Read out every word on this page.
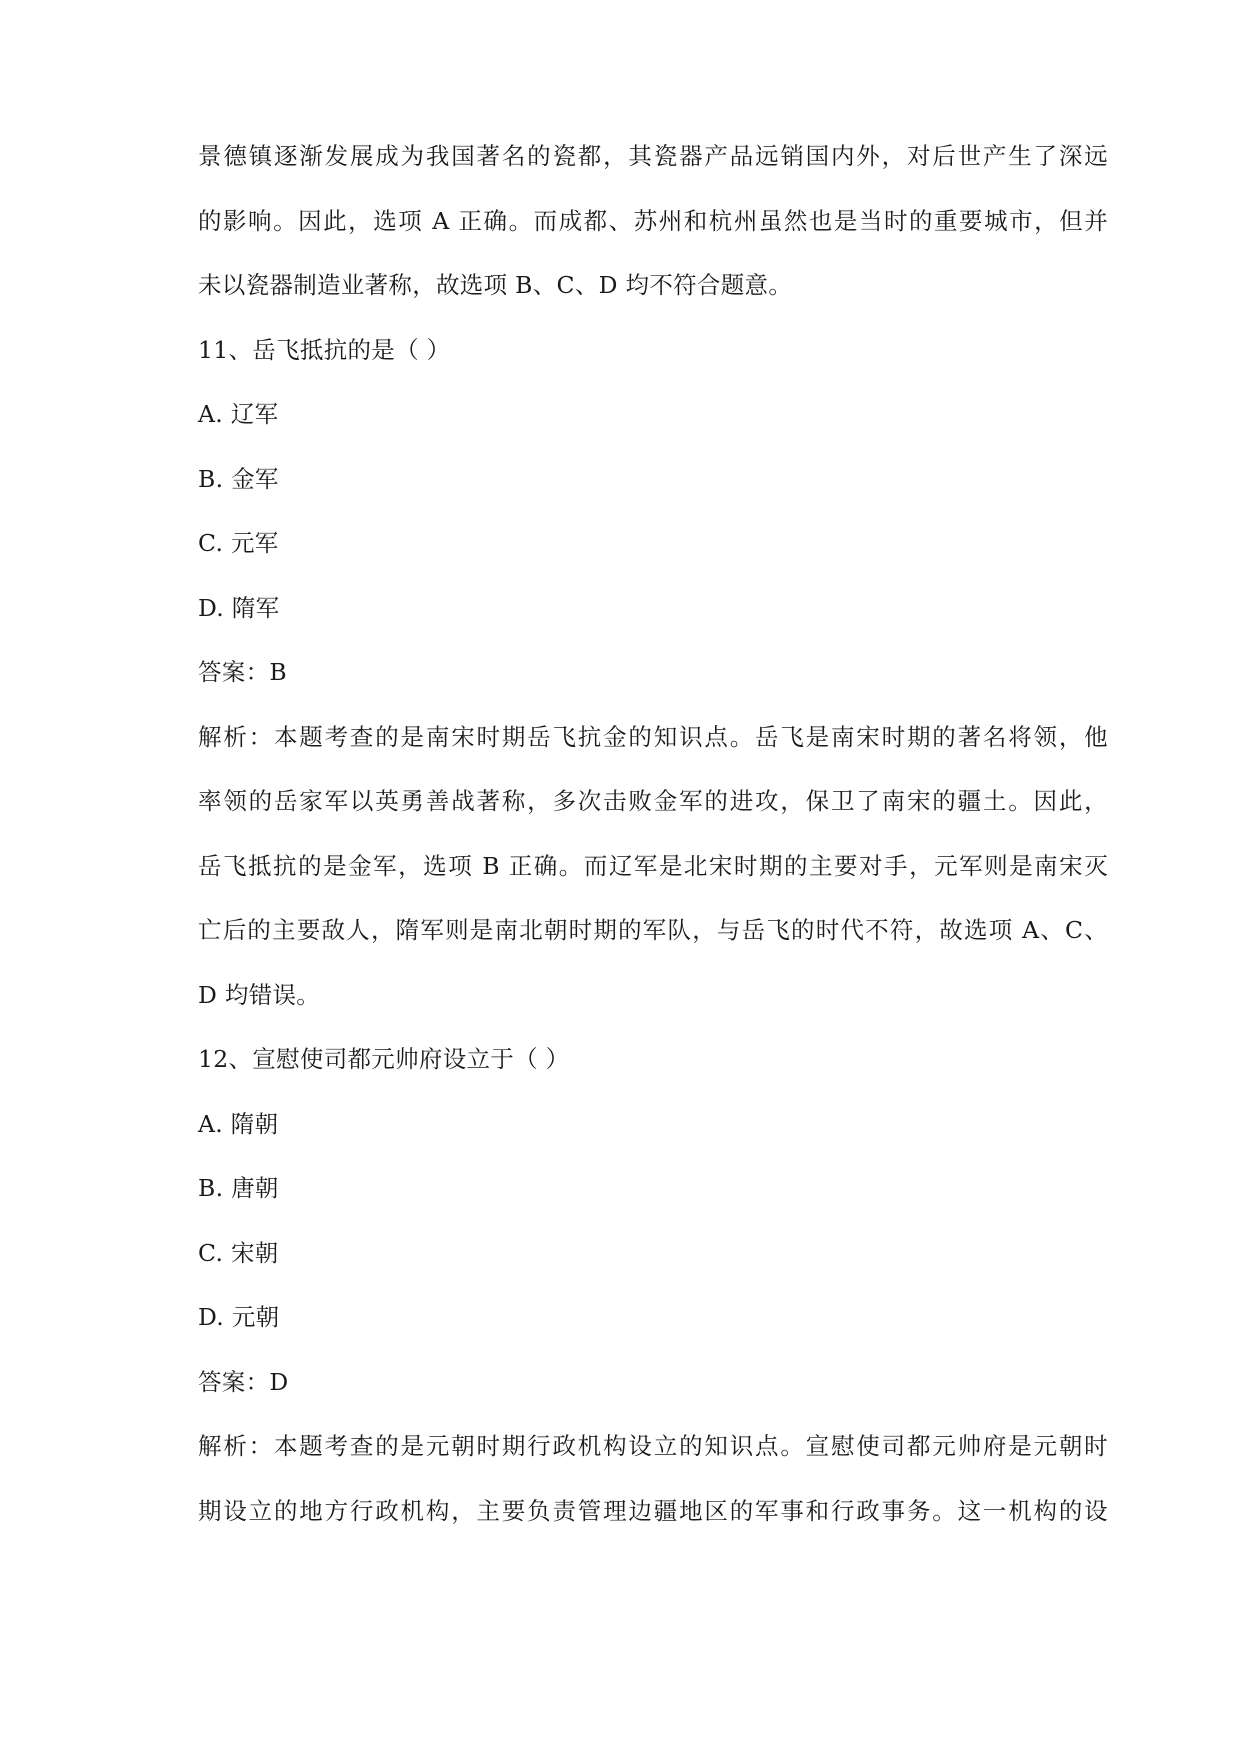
景德镇逐渐发展成为我国著名的瓷都，其瓷器产品远销国内外，对后世产生了深远
的影响。因此，选项 A 正确。而成都、苏州和杭州虽然也是当时的重要城市，但并
未以瓷器制造业著称，故选项 B、C、D 均不符合题意。
11、岳飞抵抗的是（ ）
A. 辽军
B. 金军
C. 元军
D. 隋军
答案：B
解析：本题考查的是南宋时期岳飞抗金的知识点。岳飞是南宋时期的著名将领，他
率领的岳家军以英勇善战著称，多次击败金军的进攻，保卫了南宋的疆土。因此，
岳飞抵抗的是金军，选项 B 正确。而辽军是北宋时期的主要对手，元军则是南宋灭
亡后的主要敌人，隋军则是南北朝时期的军队，与岳飞的时代不符，故选项 A、C、
D 均错误。
12、宣慰使司都元帅府设立于（ ）
A. 隋朝
B. 唐朝
C. 宋朝
D. 元朝
答案：D
解析：本题考查的是元朝时期行政机构设立的知识点。宣慰使司都元帅府是元朝时
期设立的地方行政机构，主要负责管理边疆地区的军事和行政事务。这一机构的设
